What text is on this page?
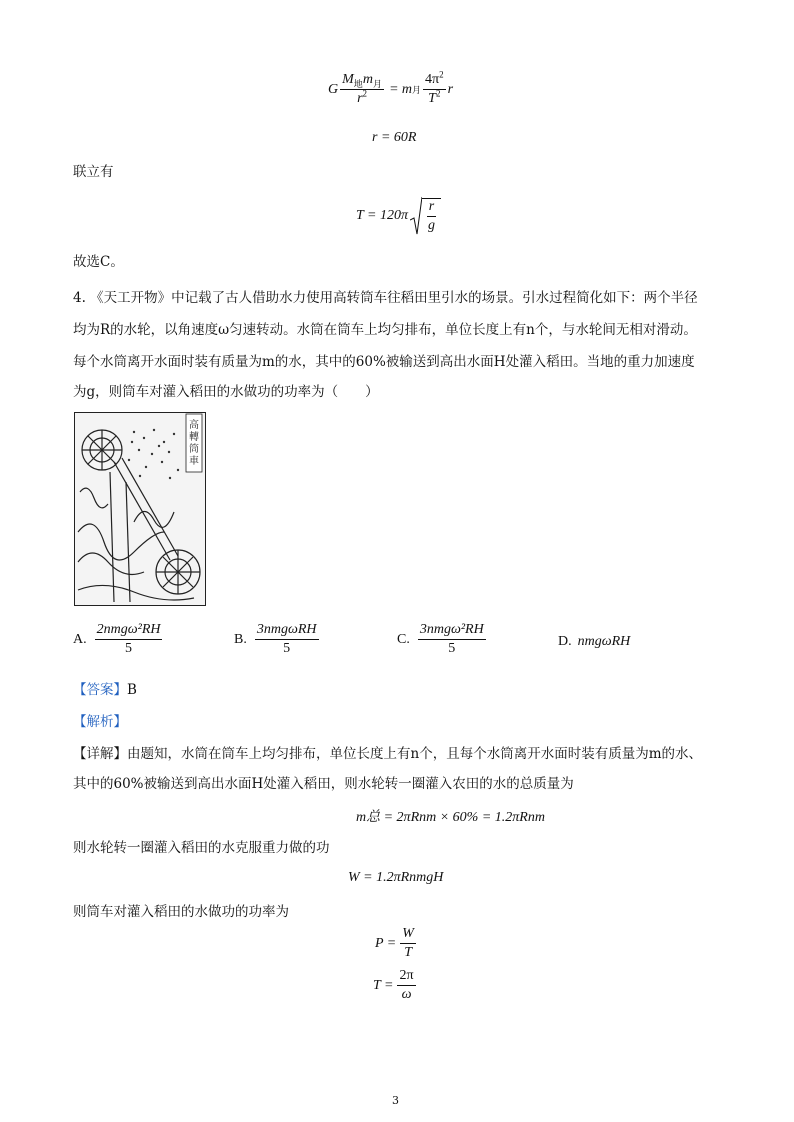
G $\frac{M_地m_月}{r^2} = m$ 月 $\frac{4\pi^2}{T^2}$ r
r = 60R
联立有
$T = 120\pi \frac{r}{g}$
故选C。
4. 《天工开物》中记载了古人借助水力使用高转筒车往稻田里引水的场景。引水过程简化如下：两个半径
均为R的水轮，以角速度ω匀速转动。水筒在筒车上均匀排布，单位长度上有n个，与水轮间无相对滑动。
每个水筒离开水面时装有质量为m的水，其中的60%被输送到高出水面H处灌入稻田。当地的重力加速度
为g，则筒车对灌入稻田的水做功的功率为（　　）
高轉筒車
A. $\frac{\text{2nmgω²RH}}{5}$	B. $\frac{\text{3nmgωRH}}{5}$	C. $\frac{\text{3nmgω²RH}}{5}$	D. nmgωRH
【答案】B
【解析】
【详解】由题知，水筒在筒车上均匀排布，单位长度上有n个，且每个水筒离开水面时装有质量为m的水、
其中的60%被输送到高出水面H处灌入稻田，则水轮转一圈灌入农田的水的总质量为
m总 = 2πRnm × 60% = 1.2πRnm
则水轮转一圈灌入稻田的水克服重力做的功
W = 1.2πRnmgH
则筒车对灌入稻田的水做功的功率为
$P = \frac{W}{T}$
$T = \frac{2\pi}{\omega}$
3
